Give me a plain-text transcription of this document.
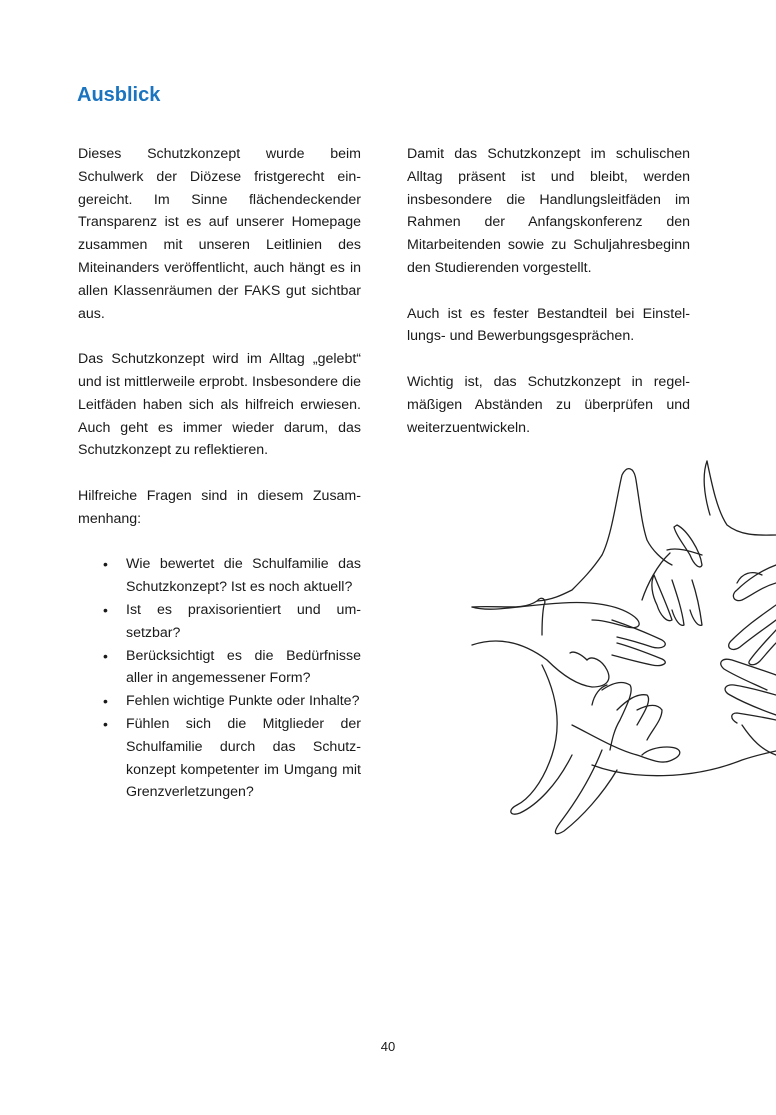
Ausblick

Dieses Schutzkonzept wurde beim Schulwerk der Diözese fristgerecht eingereicht. Im Sinne flächendeckender Transparenz ist es auf unserer Homepage zusammen mit unseren Leitlinien des Miteinanders veröffentlicht, auch hängt es in allen Klassenräumen der FAKS gut sichtbar aus.

Das Schutzkonzept wird im Alltag „gelebt“ und ist mittlerweile erprobt. Insbesondere die Leitfäden haben sich als hilfreich erwiesen. Auch geht es immer wieder darum, das Schutzkonzept zu reflektieren.

Hilfreiche Fragen sind in diesem Zusammenhang:

• Wie bewertet die Schulfamilie das Schutzkonzept? Ist es noch aktuell?
• Ist es praxisorientiert und umsetzbar?
• Berücksichtigt es die Bedürfnisse aller in angemessener Form?
• Fehlen wichtige Punkte oder Inhalte?
• Fühlen sich die Mitglieder der Schulfamilie durch das Schutzkonzept kompetenter im Umgang mit Grenzverletzungen?

Damit das Schutzkonzept im schulischen Alltag präsent ist und bleibt, werden insbesondere die Handlungsleitfäden im Rahmen der Anfangskonferenz den Mitarbeitenden sowie zu Schuljahresbeginn den Studierenden vorgestellt.

Auch ist es fester Bestandteil bei Einstellungs- und Bewerbungsgesprächen.

Wichtig ist, das Schutzkonzept in regelmäßigen Abständen zu überprüfen und weiterzuentwickeln.

40
